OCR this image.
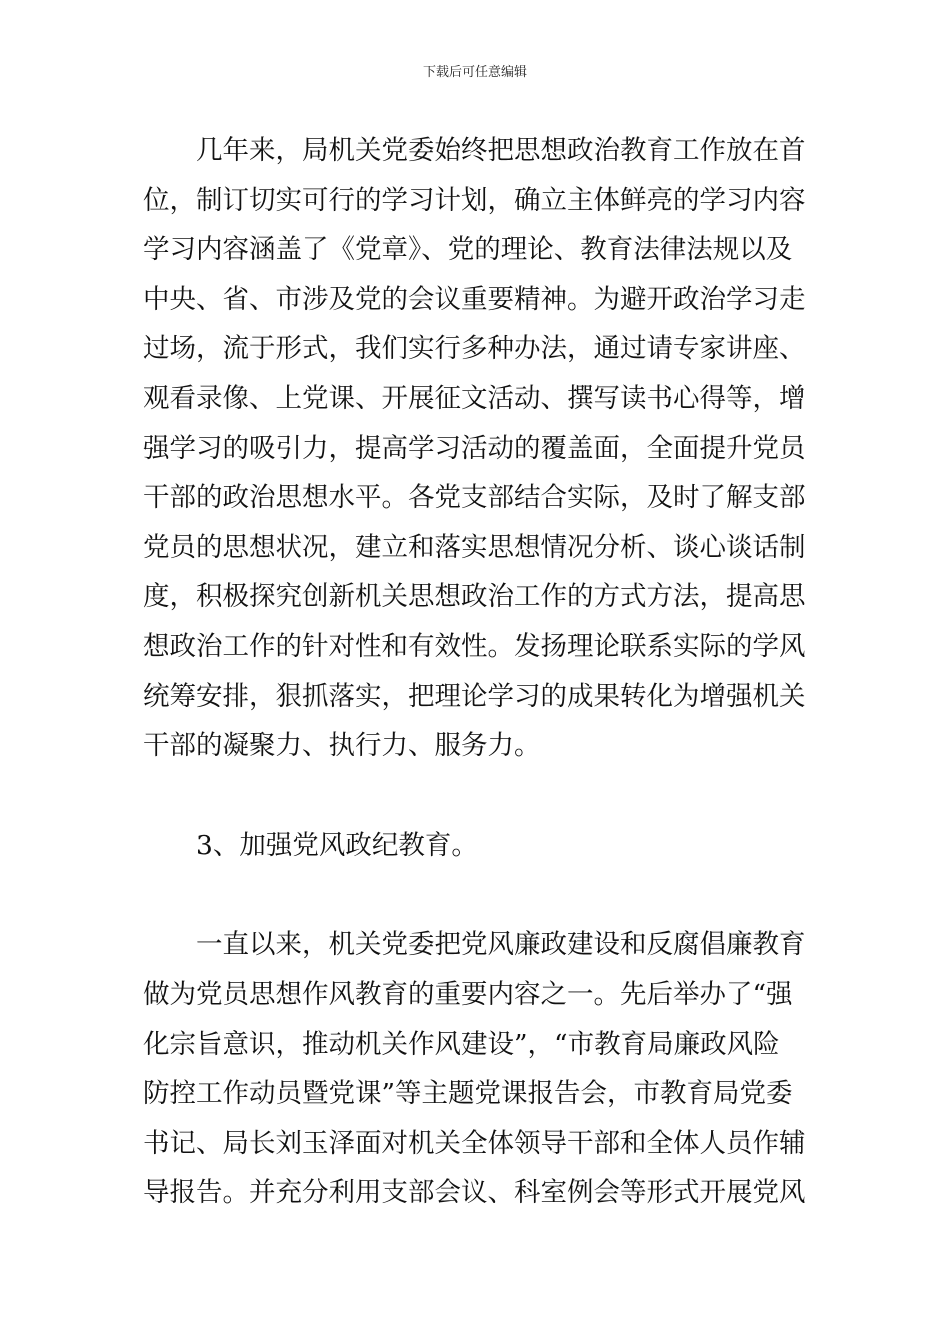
下载后可任意编辑
几年来，局机关党委始终把思想政治教育工作放在首
位，制订切实可行的学习计划，确立主体鲜亮的学习内容
学习内容涵盖了《党章》、党的理论、教育法律法规以及
中央、省、市涉及党的会议重要精神。为避开政治学习走
过场，流于形式，我们实行多种办法，通过请专家讲座、
观看录像、上党课、开展征文活动、撰写读书心得等，增
强学习的吸引力，提高学习活动的覆盖面，全面提升党员
干部的政治思想水平。各党支部结合实际，及时了解支部
党员的思想状况，建立和落实思想情况分析、谈心谈话制
度，积极探究创新机关思想政治工作的方式方法，提高思
想政治工作的针对性和有效性。发扬理论联系实际的学风
统筹安排，狠抓落实，把理论学习的成果转化为增强机关
干部的凝聚力、执行力、服务力。
3、加强党风政纪教育。
一直以来，机关党委把党风廉政建设和反腐倡廉教育
做为党员思想作风教育的重要内容之一。先后举办了“强
化宗旨意识，推动机关作风建设”，“市教育局廉政风险
防控工作动员暨党课”等主题党课报告会，市教育局党委
书记、局长刘玉泽面对机关全体领导干部和全体人员作辅
导报告。并充分利用支部会议、科室例会等形式开展党风
